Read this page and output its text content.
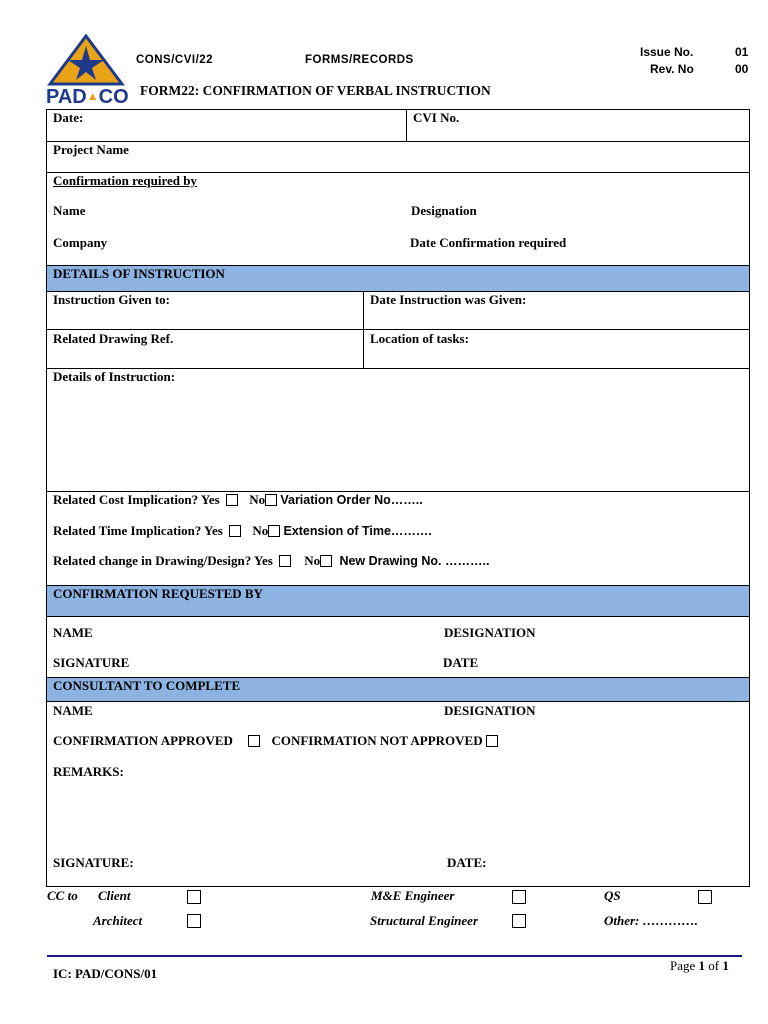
PAD▲CO
CONS/CVI/22	FORMS/RECORDS
Issue No.	01
Rev. No	00
FORM22: CONFIRMATION OF VERBAL INSTRUCTION
Date:	CVI No.
Project Name
Confirmation required by
Name	Designation
Company	Date Confirmation required
DETAILS OF INSTRUCTION
Instruction Given to:	Date Instruction was Given:
Related Drawing Ref.	Location of tasks:
Details of Instruction:
Related Cost Implication? Yes No Variation Order No……..
Related Time Implication? Yes No Extension of Time……….
Related change in Drawing/Design? Yes No New Drawing No. ………..
CONFIRMATION REQUESTED BY
NAME	DESIGNATION
SIGNATURE	DATE
CONSULTANT TO COMPLETE
NAME	DESIGNATION
CONFIRMATION APPROVED	CONFIRMATION NOT APPROVED
REMARKS:
SIGNATURE:	DATE:
CC to Client	M&E Engineer	QS
Architect	Structural Engineer	Other: ………….
IC: PAD/CONS/01
Page 1 of 1
